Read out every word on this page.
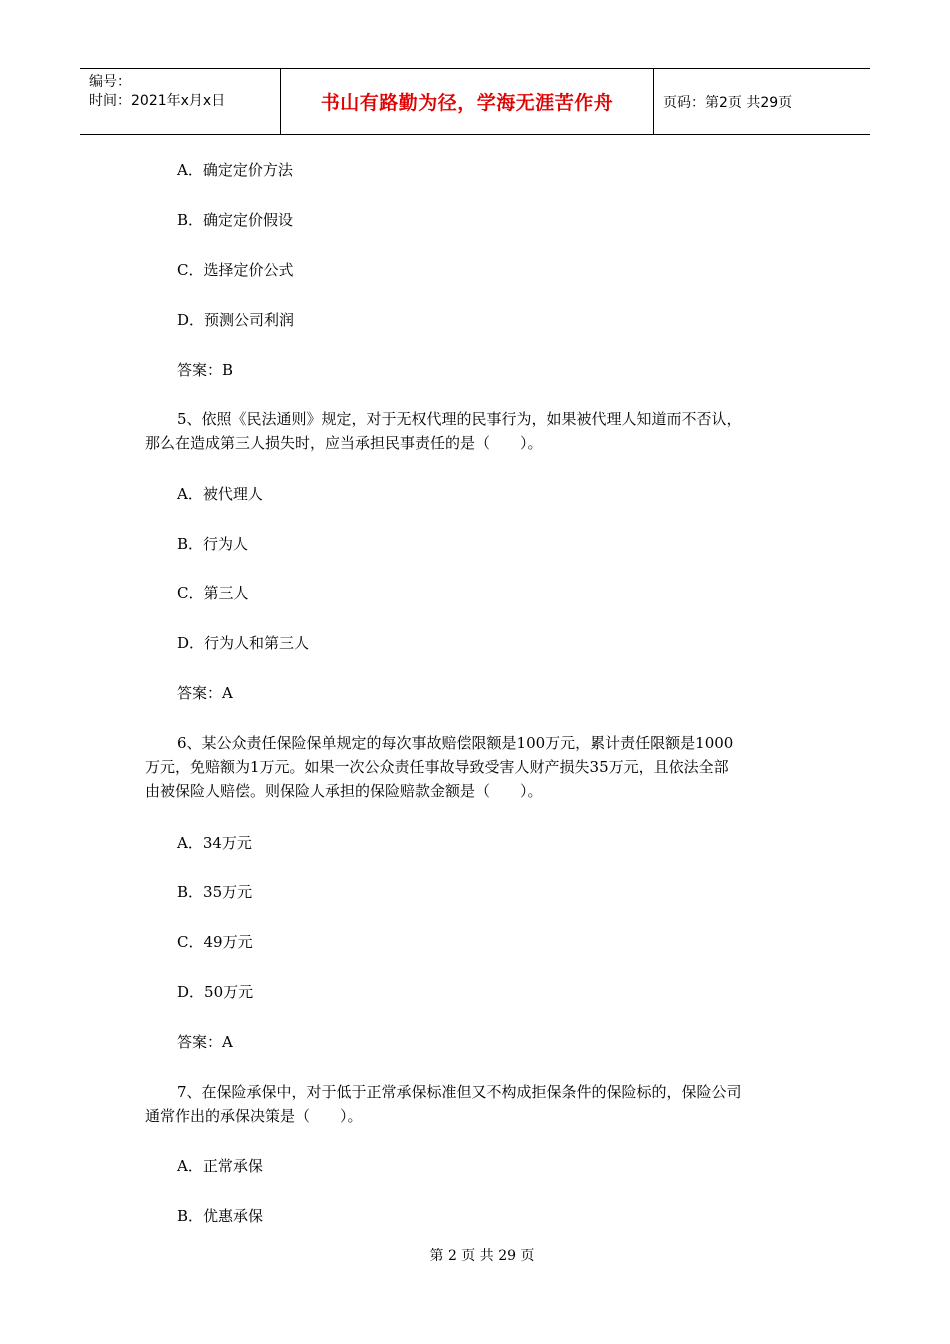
编号：
时间：2021年x月x日	书山有路勤为径，学海无涯苦作舟	页码：第2页 共29页
A．确定定价方法
B．确定定价假设
C．选择定价公式
D．预测公司利润
答案：B
5、依照《民法通则》规定，对于无权代理的民事行为，如果被代理人知道而不否认，
那么在造成第三人损失时，应当承担民事责任的是（　　）。
A．被代理人
B．行为人
C．第三人
D．行为人和第三人
答案：A
6、某公众责任保险保单规定的每次事故赔偿限额是100万元，累计责任限额是1000
万元，免赔额为1万元。如果一次公众责任事故导致受害人财产损失35万元，且依法全部
由被保险人赔偿。则保险人承担的保险赔款金额是（　　）。
A．34万元
B．35万元
C．49万元
D．50万元
答案：A
7、在保险承保中，对于低于正常承保标准但又不构成拒保条件的保险标的，保险公司
通常作出的承保决策是（　　）。
A．正常承保
B．优惠承保
第 2 页 共 29 页
